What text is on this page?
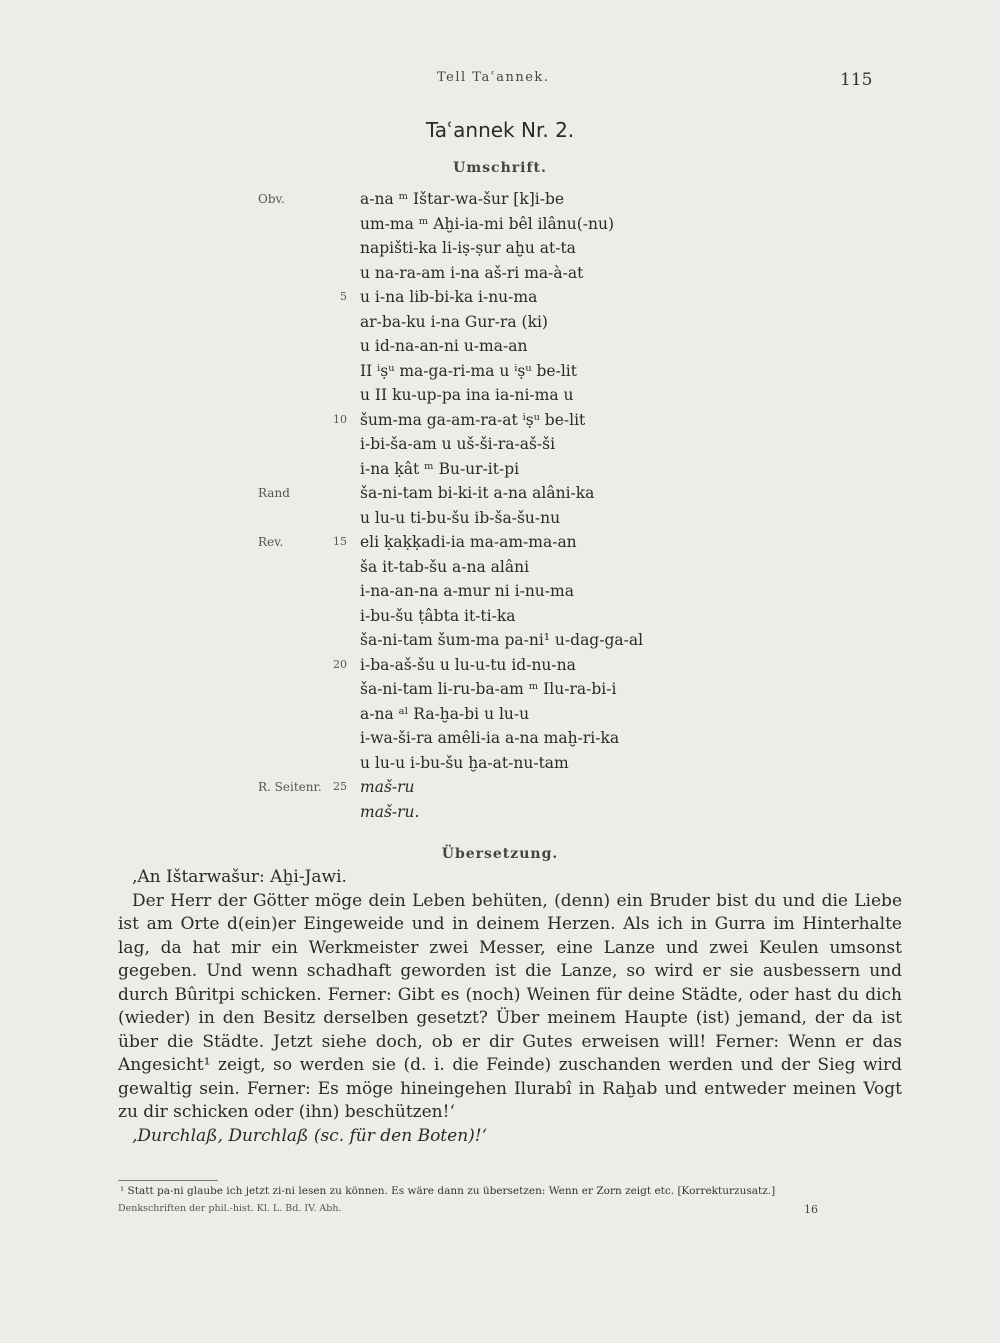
Tell Taʿannek.	115
Taʿannek Nr. 2.
Umschrift.
Obv.	a-na ᵐ Ištar-wa-šur [k]i-be
um-ma ᵐ Aḫi-ia-mi bêl ilânu(-nu)
napišti-ka li-iṣ-ṣur aḫu at-ta
u na-ra-am i-na aš-ri ma-à-at
5 u i-na lib-bi-ka i-nu-ma
ar-ba-ku i-na Gur-ra (ki)
u id-na-an-ni u-ma-an
II ⁱṣᵘ ma-ga-ri-ma u ⁱṣᵘ be-lit
u II ku-up-pa ina ia-ni-ma u
10 šum-ma ga-am-ra-at ⁱṣᵘ be-lit
i-bi-ša-am u uš-ši-ra-aš-ši
i-na ḳât ᵐ Bu-ur-it-pi
Rand	ša-ni-tam bi-ki-it a-na alâni-ka
u lu-u ti-bu-šu ib-ša-šu-nu
Rev.	15 eli ḳaḳḳadi-ia ma-am-ma-an
ša it-tab-šu a-na alâni
i-na-an-na a-mur ni i-nu-ma
i-bu-šu ṭâbta it-ti-ka
ša-ni-tam šum-ma pa-ni¹ u-dag-ga-al
20 i-ba-aš-šu u lu-u-tu id-nu-na
ša-ni-tam li-ru-ba-am ᵐ Ilu-ra-bi-i
a-na ᵃˡ Ra-ḫa-bi u lu-u
i-wa-ši-ra amêli-ia a-na maḫ-ri-ka
u lu-u i-bu-šu ḫa-at-nu-tam
R. Seitenr.	25 maš-ru
maš-ru.
Übersetzung.

‚An Ištarwašur: Aḫi-Jawi.

Der Herr der Götter möge dein Leben behüten, (denn) ein Bruder bist du und die Liebe ist am Orte d(ein)er Eingeweide und in deinem Herzen. Als ich in Gurra im Hinterhalte lag, da hat mir ein Werkmeister zwei Messer, eine Lanze und zwei Keulen umsonst gegeben. Und wenn schadhaft geworden ist die Lanze, so wird er sie ausbessern und durch Bûritpi schicken. Ferner: Gibt es (noch) Weinen für deine Städte, oder hast du dich (wieder) in den Besitz derselben gesetzt? Über meinem Haupte (ist) jemand, der da ist über die Städte. Jetzt siehe doch, ob er dir Gutes erweisen will! Ferner: Wenn er das Angesicht¹ zeigt, so werden sie (d. i. die Feinde) zuschanden werden und der Sieg wird gewaltig sein. Ferner: Es möge hineingehen Ilurabî in Raḫab und entweder meinen Vogt zu dir schicken oder (ihn) beschützen!‘

‚Durchlaß, Durchlaß (sc. für den Boten)!‘

¹ Statt pa-ni glaube ich jetzt zi-ni lesen zu können. Es wäre dann zu übersetzen: Wenn er Zorn zeigt etc. [Korrekturzusatz.]
Denkschriften der phil.-hist. Kl. L. Bd. IV. Abh.	16
